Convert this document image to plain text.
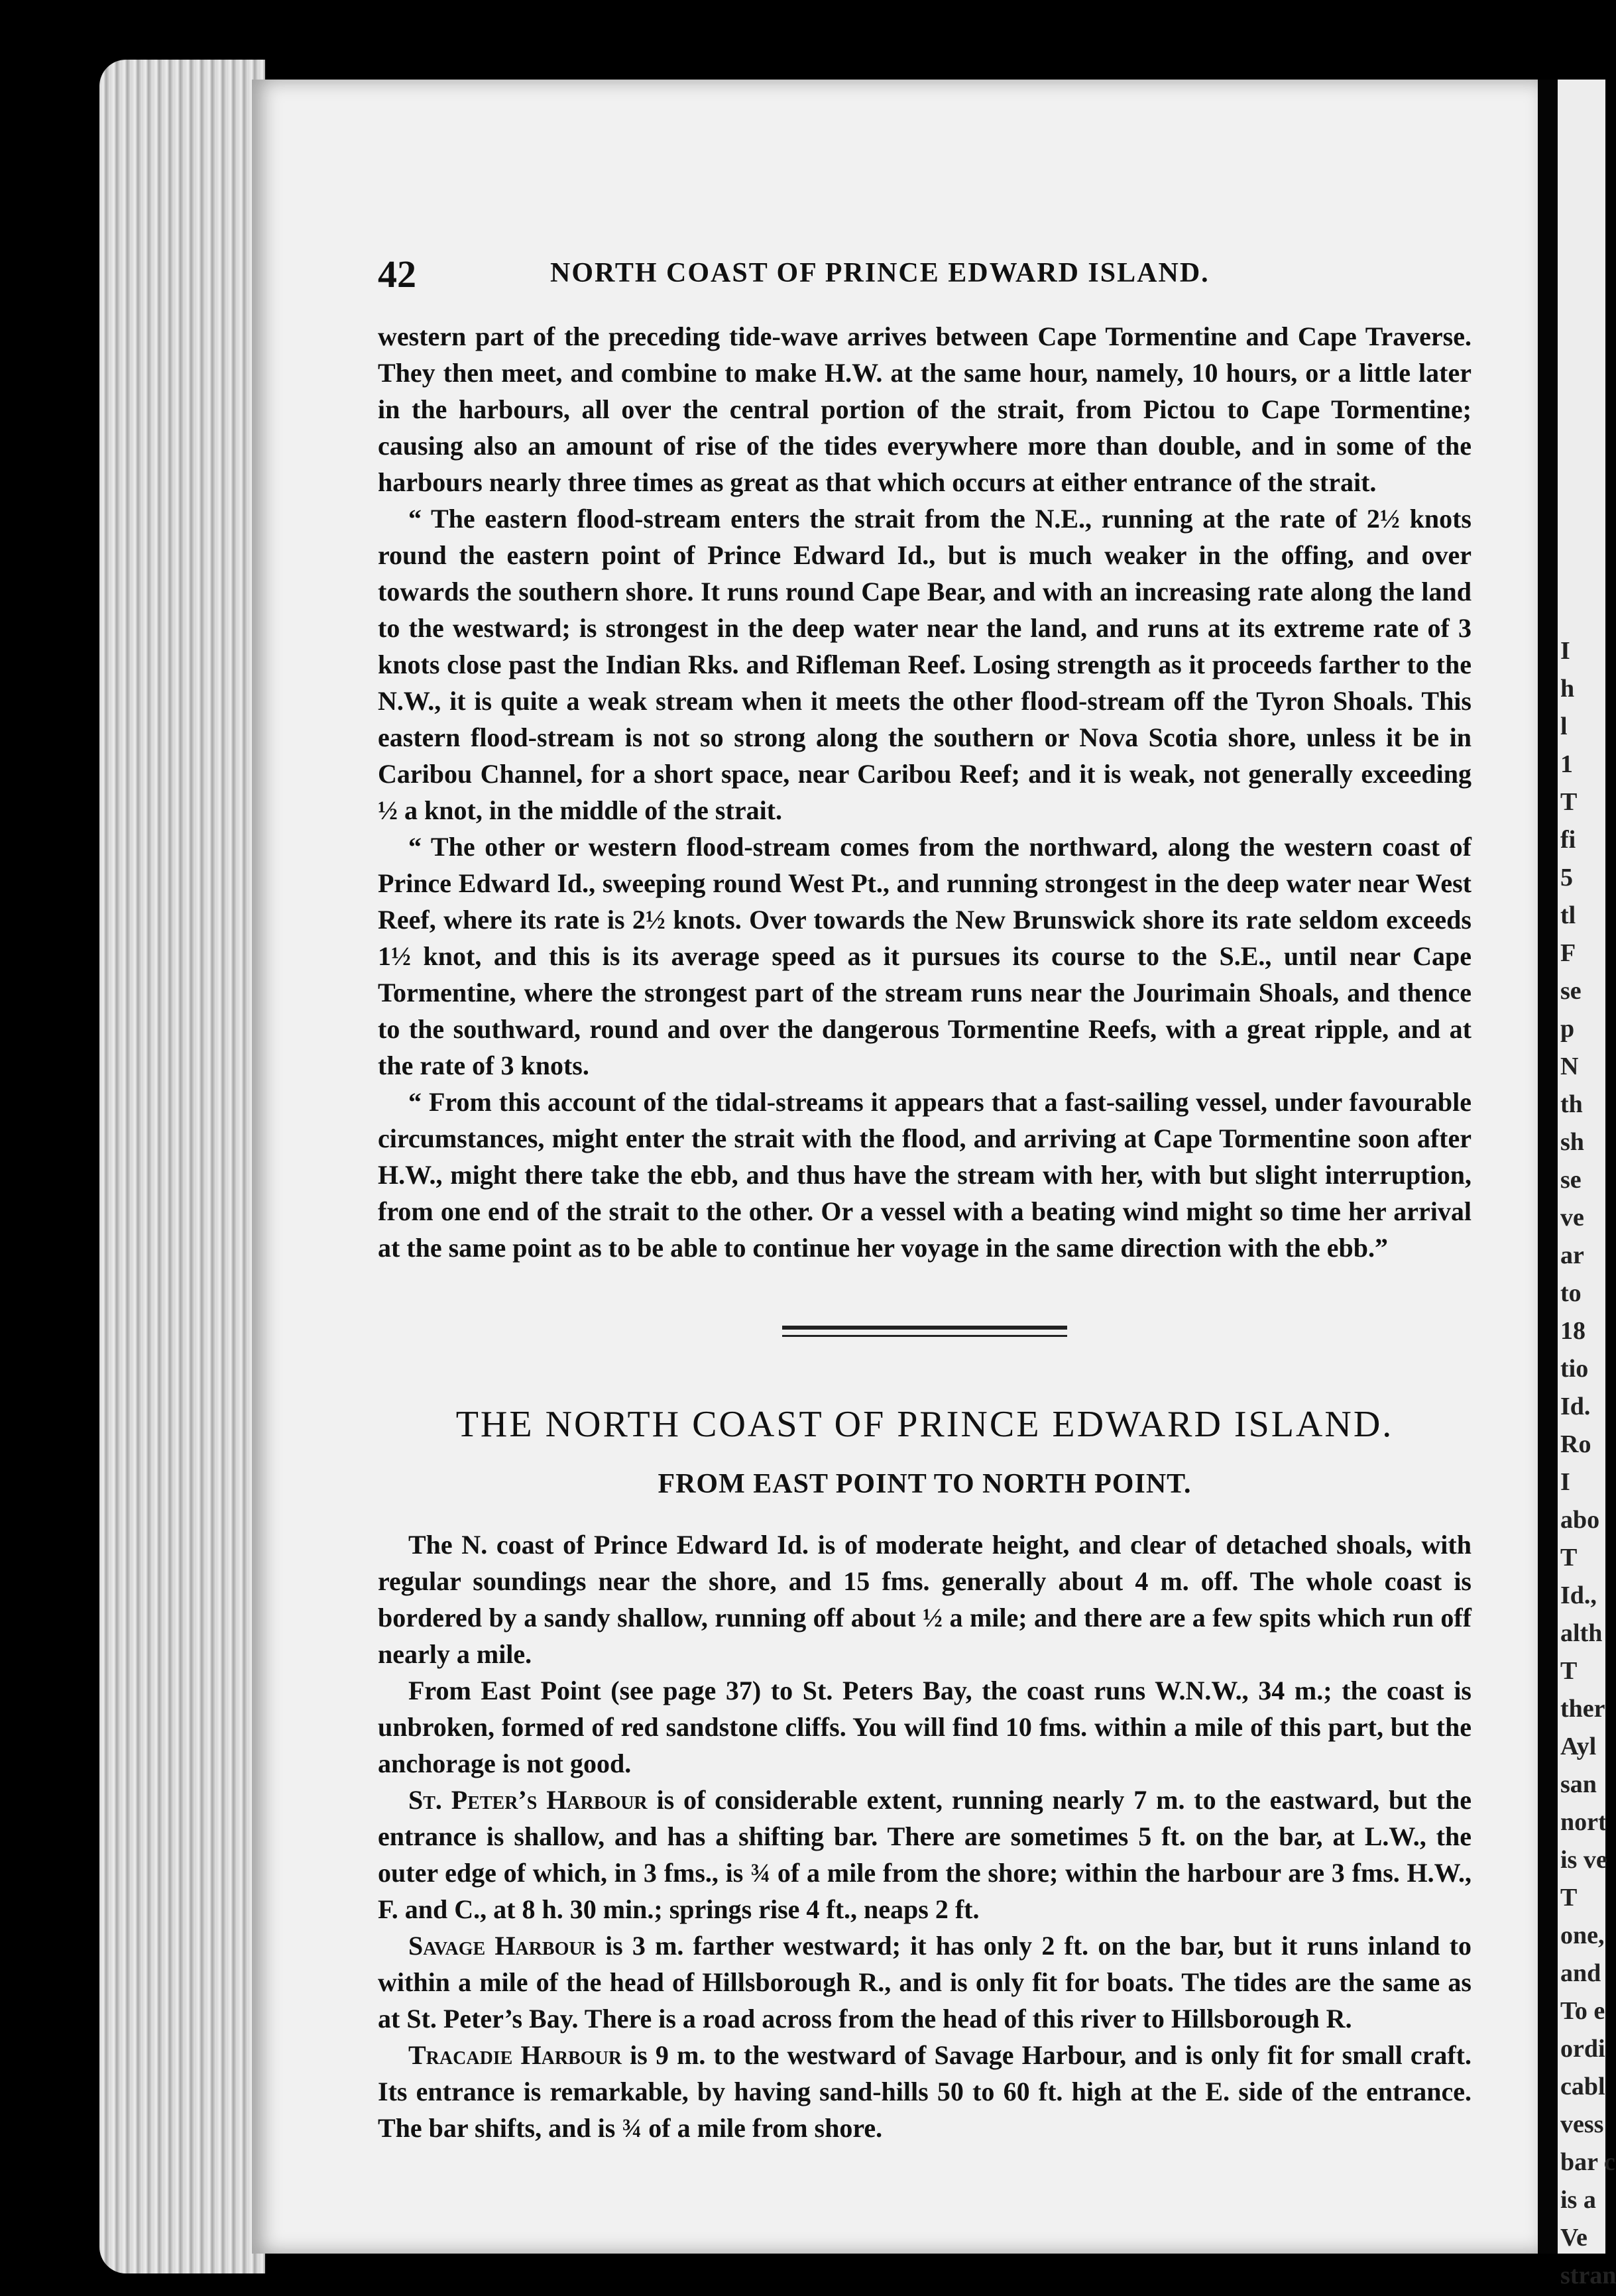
42	NORTH COAST OF PRINCE EDWARD ISLAND.

western part of the preceding tide-wave arrives between Cape Tormentine and Cape Traverse. They then meet, and combine to make H.W. at the same hour, namely, 10 hours, or a little later in the harbours, all over the central portion of the strait, from Pictou to Cape Tormentine; causing also an amount of rise of the tides everywhere more than double, and in some of the harbours nearly three times as great as that which occurs at either entrance of the strait.

“ The eastern flood-stream enters the strait from the N.E., running at the rate of 2½ knots round the eastern point of Prince Edward Id., but is much weaker in the offing, and over towards the southern shore. It runs round Cape Bear, and with an increasing rate along the land to the westward; is strongest in the deep water near the land, and runs at its extreme rate of 3 knots close past the Indian Rks. and Rifleman Reef. Losing strength as it proceeds farther to the N.W., it is quite a weak stream when it meets the other flood-stream off the Tyron Shoals. This eastern flood-stream is not so strong along the southern or Nova Scotia shore, unless it be in Caribou Channel, for a short space, near Caribou Reef; and it is weak, not generally exceeding ½ a knot, in the middle of the strait.

“ The other or western flood-stream comes from the northward, along the western coast of Prince Edward Id., sweeping round West Pt., and running strongest in the deep water near West Reef, where its rate is 2½ knots. Over towards the New Brunswick shore its rate seldom exceeds 1½ knot, and this is its average speed as it pursues its course to the S.E., until near Cape Tormentine, where the strongest part of the stream runs near the Jourimain Shoals, and thence to the southward, round and over the dangerous Tormentine Reefs, with a great ripple, and at the rate of 3 knots.

“ From this account of the tidal-streams it appears that a fast-sailing vessel, under favourable circumstances, might enter the strait with the flood, and arriving at Cape Tormentine soon after H.W., might there take the ebb, and thus have the stream with her, with but slight interruption, from one end of the strait to the other. Or a vessel with a beating wind might so time her arrival at the same point as to be able to continue her voyage in the same direction with the ebb.”

THE NORTH COAST OF PRINCE EDWARD ISLAND.
FROM EAST POINT TO NORTH POINT.

The N. coast of Prince Edward Id. is of moderate height, and clear of detached shoals, with regular soundings near the shore, and 15 fms. generally about 4 m. off. The whole coast is bordered by a sandy shallow, running off about ½ a mile; and there are a few spits which run off nearly a mile.

From East Point (see page 37) to St. Peters Bay, the coast runs W.N.W., 34 m.; the coast is unbroken, formed of red sandstone cliffs. You will find 10 fms. within a mile of this part, but the anchorage is not good.

St. Peter’s Harbour is of considerable extent, running nearly 7 m. to the eastward, but the entrance is shallow, and has a shifting bar. There are sometimes 5 ft. on the bar, at L.W., the outer edge of which, in 3 fms., is ¾ of a mile from the shore; within the harbour are 3 fms. H.W., F. and C., at 8 h. 30 min.; springs rise 4 ft., neaps 2 ft.

Savage Harbour is 3 m. farther westward; it has only 2 ft. on the bar, but it runs inland to within a mile of the head of Hillsborough R., and is only fit for boats. The tides are the same as at St. Peter’s Bay. There is a road across from the head of this river to Hillsborough R.

Tracadie Harbour is 9 m. to the westward of Savage Harbour, and is only fit for small craft. Its entrance is remarkable, by having sand-hills 50 to 60 ft. high at the E. side of the entrance. The bar shifts, and is ¾ of a mile from shore.

I
h
l
1
T
fi
5
tl
F
se
p
N
th
sh
se
ve
ar
to
18
tio
Id.
Ro
I
abo
T
Id.,
alth
T
ther
Ayl
san
nort
is ve
T
one,
and
To e
ordi
cabl
vess
bar c
is a
Ve
stran
